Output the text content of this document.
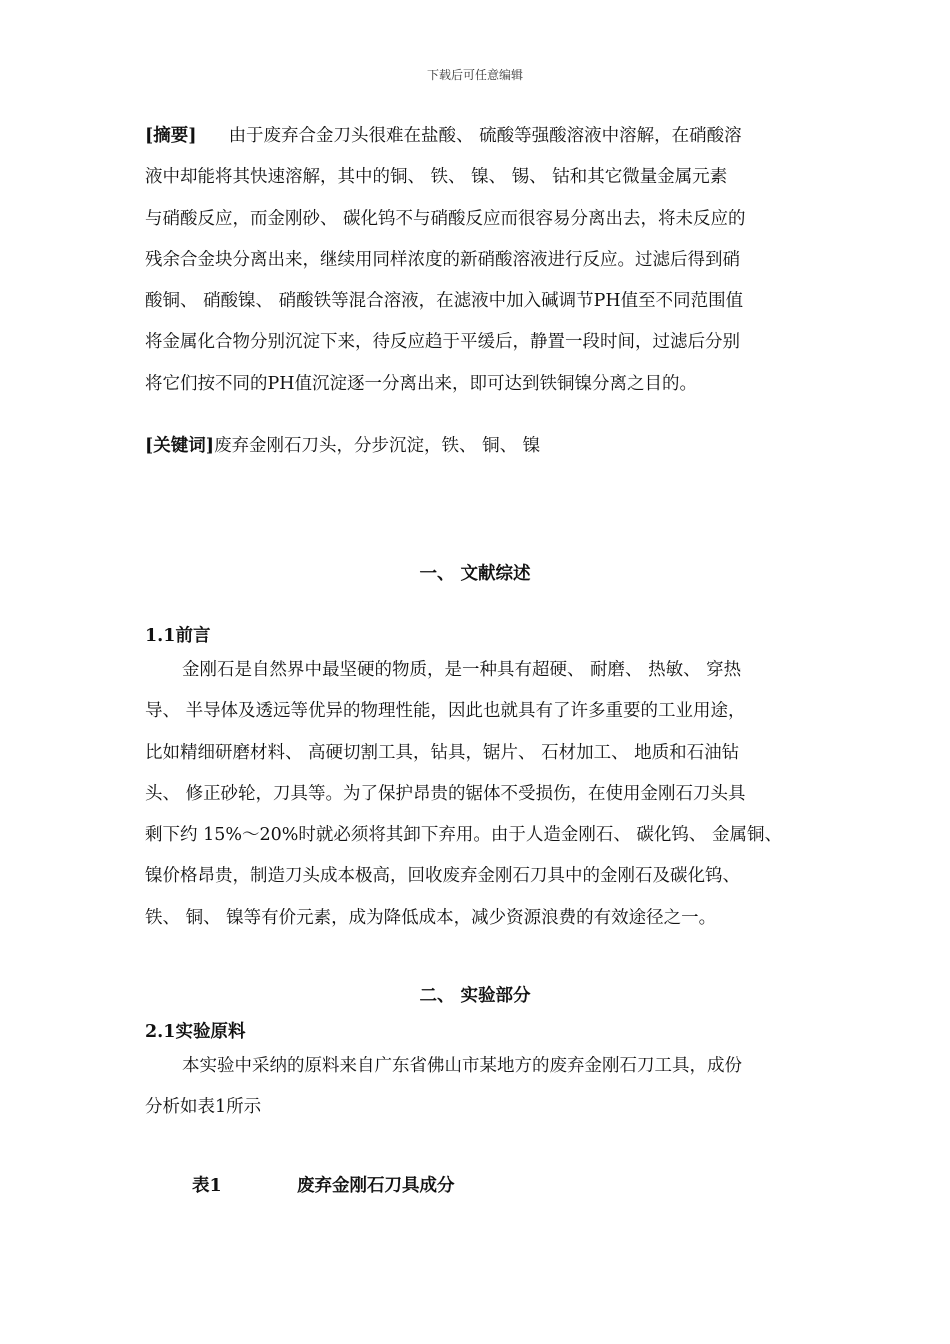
下载后可任意编辑
[摘要] 由于废弃合金刀头很难在盐酸、 硫酸等强酸溶液中溶解，在硝酸溶
液中却能将其快速溶解，其中的铜、 铁、 镍、 锡、 钴和其它微量金属元素
与硝酸反应，而金刚砂、 碳化钨不与硝酸反应而很容易分离出去，将未反应的
残余合金块分离出来，继续用同样浓度的新硝酸溶液进行反应。过滤后得到硝
酸铜、 硝酸镍、 硝酸铁等混合溶液，在滤液中加入碱调节PH值至不同范围值
将金属化合物分别沉淀下来，待反应趋于平缓后，静置一段时间，过滤后分别
将它们按不同的PH值沉淀逐一分离出来，即可达到铁铜镍分离之目的。
[关键词]废弃金刚石刀头，分步沉淀，铁、 铜、 镍
一、 文献综述
1.1前言
金刚石是自然界中最坚硬的物质，是一种具有超硬、 耐磨、 热敏、 穿热
导、 半导体及透远等优异的物理性能，因此也就具有了许多重要的工业用途，
比如精细研磨材料、 高硬切割工具，钻具，锯片、 石材加工、 地质和石油钻
头、 修正砂轮，刀具等。为了保护昂贵的锯体不受损伤，在使用金刚石刀头具
剩下约 15%～20%时就必须将其卸下弃用。由于人造金刚石、 碳化钨、 金属铜、
镍价格昂贵，制造刀头成本极高，回收废弃金刚石刀具中的金刚石及碳化钨、
铁、 铜、 镍等有价元素，成为降低成本，减少资源浪费的有效途径之一。
二、 实验部分
2.1实验原料
本实验中采纳的原料来自广东省佛山市某地方的废弃金刚石刀工具，成份
分析如表1所示
表1	废弃金刚石刀具成分
